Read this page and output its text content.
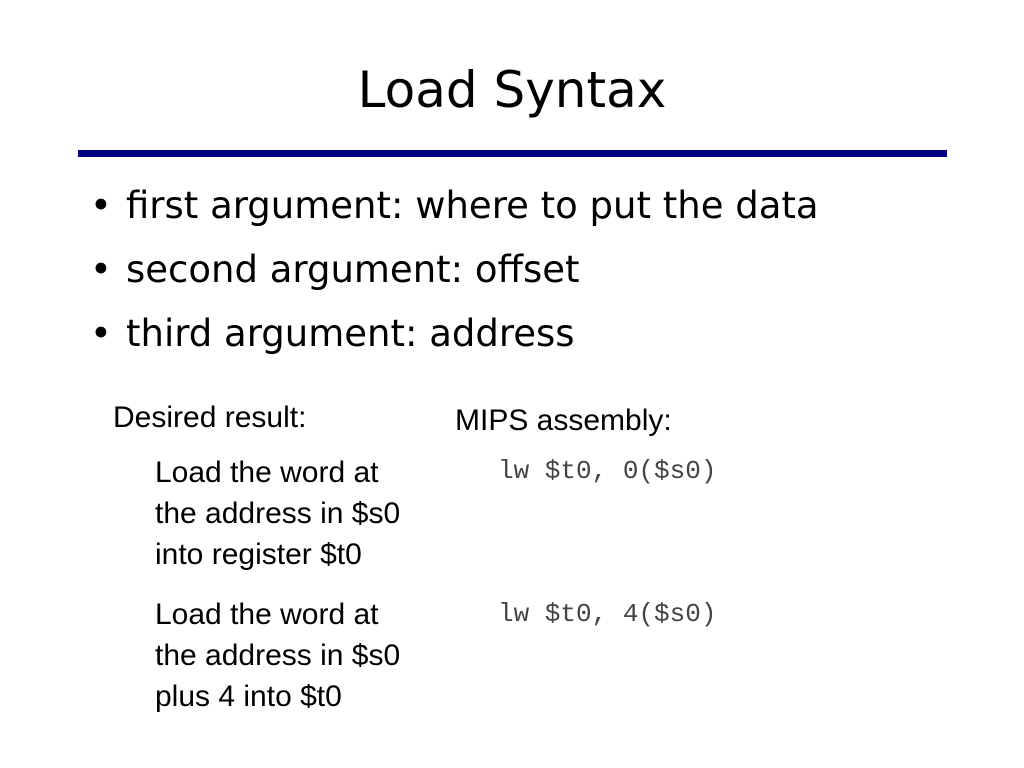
Load Syntax
• first argument: where to put the data
• second argument: offset
• third argument: address
Desired result:	MIPS assembly:
Load the word at
the address in $s0
into register $t0
lw $t0, 0($s0)
Load the word at
the address in $s0
plus 4 into $t0
lw $t0, 4($s0)
